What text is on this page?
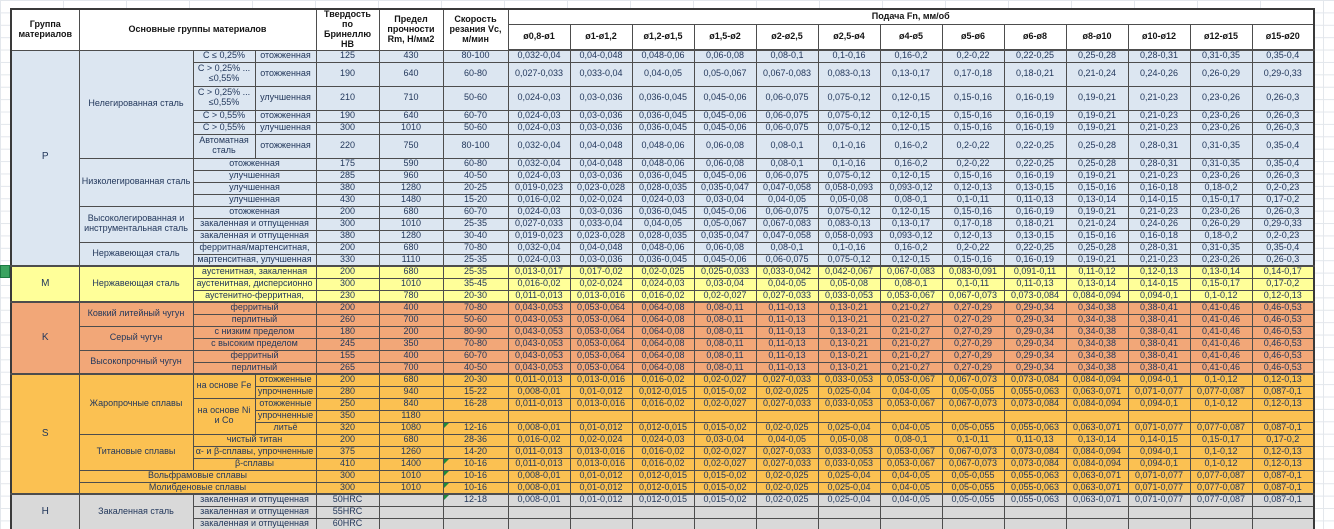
Группа материалов	Основные группы материалов			Твердость по Бринеллю HB	Предел прочности Rm, Н/мм2	Скорость резания Vc, м/мин	Подача Fn, мм/об												
							ø0,8-ø1	ø1-ø1,2	ø1,2-ø1,5	ø1,5-ø2	ø2-ø2,5	ø2,5-ø4	ø4-ø5	ø5-ø6	ø6-ø8	ø8-ø10	ø10-ø12	ø12-ø15	ø15-ø20
P	Нелегированная сталь	C ≤ 0,25%	отожженная	125	430	80-100	0,032-0,04	0,04-0,048	0,048-0,06	0,06-0,08	0,08-0,1	0,1-0,16	0,16-0,2	0,2-0,22	0,22-0,25	0,25-0,28	0,28-0,31	0,31-0,35	0,35-0,4
		C > 0,25% ... ≤0,55%	отожженная	190	640	60-80	0,027-0,033	0,033-0,04	0,04-0,05	0,05-0,067	0,067-0,083	0,083-0,13	0,13-0,17	0,17-0,18	0,18-0,21	0,21-0,24	0,24-0,26	0,26-0,29	0,29-0,33
		C > 0,25% ... ≤0,55%	улучшенная	210	710	50-60	0,024-0,03	0,03-0,036	0,036-0,045	0,045-0,06	0,06-0,075	0,075-0,12	0,12-0,15	0,15-0,16	0,16-0,19	0,19-0,21	0,21-0,23	0,23-0,26	0,26-0,3
		C > 0,55%	отожженная	190	640	60-70	0,024-0,03	0,03-0,036	0,036-0,045	0,045-0,06	0,06-0,075	0,075-0,12	0,12-0,15	0,15-0,16	0,16-0,19	0,19-0,21	0,21-0,23	0,23-0,26	0,26-0,3
		C > 0,55%	улучшенная	300	1010	50-60	0,024-0,03	0,03-0,036	0,036-0,045	0,045-0,06	0,06-0,075	0,075-0,12	0,12-0,15	0,15-0,16	0,16-0,19	0,19-0,21	0,21-0,23	0,23-0,26	0,26-0,3
		Автоматная сталь	отожженная	220	750	80-100	0,032-0,04	0,04-0,048	0,048-0,06	0,06-0,08	0,08-0,1	0,1-0,16	0,16-0,2	0,2-0,22	0,22-0,25	0,25-0,28	0,28-0,31	0,31-0,35	0,35-0,4
	Низколегированная сталь	отожженная		175	590	60-80	0,032-0,04	0,04-0,048	0,048-0,06	0,06-0,08	0,08-0,1	0,1-0,16	0,16-0,2	0,2-0,22	0,22-0,25	0,25-0,28	0,28-0,31	0,31-0,35	0,35-0,4
		улучшенная		285	960	40-50	0,024-0,03	0,03-0,036	0,036-0,045	0,045-0,06	0,06-0,075	0,075-0,12	0,12-0,15	0,15-0,16	0,16-0,19	0,19-0,21	0,21-0,23	0,23-0,26	0,26-0,3
		улучшенная		380	1280	20-25	0,019-0,023	0,023-0,028	0,028-0,035	0,035-0,047	0,047-0,058	0,058-0,093	0,093-0,12	0,12-0,13	0,13-0,15	0,15-0,16	0,16-0,18	0,18-0,2	0,2-0,23
		улучшенная		430	1480	15-20	0,016-0,02	0,02-0,024	0,024-0,03	0,03-0,04	0,04-0,05	0,05-0,08	0,08-0,1	0,1-0,11	0,11-0,13	0,13-0,14	0,14-0,15	0,15-0,17	0,17-0,2
	Высоколегированная и инструментальная сталь	отожженная		200	680	60-70	0,024-0,03	0,03-0,036	0,036-0,045	0,045-0,06	0,06-0,075	0,075-0,12	0,12-0,15	0,15-0,16	0,16-0,19	0,19-0,21	0,21-0,23	0,23-0,26	0,26-0,3
		закаленная и отпущенная		300	1010	25-35	0,027-0,033	0,033-0,04	0,04-0,05	0,05-0,067	0,067-0,083	0,083-0,13	0,13-0,17	0,17-0,18	0,18-0,21	0,21-0,24	0,24-0,26	0,26-0,29	0,29-0,33
		закаленная и отпущенная		380	1280	30-40	0,019-0,023	0,023-0,028	0,028-0,035	0,035-0,047	0,047-0,058	0,058-0,093	0,093-0,12	0,12-0,13	0,13-0,15	0,15-0,16	0,16-0,18	0,18-0,2	0,2-0,23
	Нержавеющая сталь	ферритная/мартенситная,		200	680	70-80	0,032-0,04	0,04-0,048	0,048-0,06	0,06-0,08	0,08-0,1	0,1-0,16	0,16-0,2	0,2-0,22	0,22-0,25	0,25-0,28	0,28-0,31	0,31-0,35	0,35-0,4
		мартенситная, улучшенная		330	1110	25-35	0,024-0,03	0,03-0,036	0,036-0,045	0,045-0,06	0,06-0,075	0,075-0,12	0,12-0,15	0,15-0,16	0,16-0,19	0,19-0,21	0,21-0,23	0,23-0,26	0,26-0,3
M	Нержавеющая сталь	аустенитная, закаленная		200	680	25-35	0,013-0,017	0,017-0,02	0,02-0,025	0,025-0,033	0,033-0,042	0,042-0,067	0,067-0,083	0,083-0,091	0,091-0,11	0,11-0,12	0,12-0,13	0,13-0,14	0,14-0,17
		аустенитная, дисперсионно		300	1010	35-45	0,016-0,02	0,02-0,024	0,024-0,03	0,03-0,04	0,04-0,05	0,05-0,08	0,08-0,1	0,1-0,11	0,11-0,13	0,13-0,14	0,14-0,15	0,15-0,17	0,17-0,2
		аустенитно-ферритная,		230	780	20-30	0,011-0,013	0,013-0,016	0,016-0,02	0,02-0,027	0,027-0,033	0,033-0,053	0,053-0,067	0,067-0,073	0,073-0,084	0,084-0,094	0,094-0,1	0,1-0,12	0,12-0,13
K	Ковкий литейный чугун	ферритный		200	400	70-80	0,043-0,053	0,053-0,064	0,064-0,08	0,08-0,11	0,11-0,13	0,13-0,21	0,21-0,27	0,27-0,29	0,29-0,34	0,34-0,38	0,38-0,41	0,41-0,46	0,46-0,53
		перлитный		260	700	50-60	0,043-0,053	0,053-0,064	0,064-0,08	0,08-0,11	0,11-0,13	0,13-0,21	0,21-0,27	0,27-0,29	0,29-0,34	0,34-0,38	0,38-0,41	0,41-0,46	0,46-0,53
	Серый чугун	с низким пределом		180	200	80-90	0,043-0,053	0,053-0,064	0,064-0,08	0,08-0,11	0,11-0,13	0,13-0,21	0,21-0,27	0,27-0,29	0,29-0,34	0,34-0,38	0,38-0,41	0,41-0,46	0,46-0,53
		с высоким пределом		245	350	70-80	0,043-0,053	0,053-0,064	0,064-0,08	0,08-0,11	0,11-0,13	0,13-0,21	0,21-0,27	0,27-0,29	0,29-0,34	0,34-0,38	0,38-0,41	0,41-0,46	0,46-0,53
	Высокопрочный чугун	ферритный		155	400	60-70	0,043-0,053	0,053-0,064	0,064-0,08	0,08-0,11	0,11-0,13	0,13-0,21	0,21-0,27	0,27-0,29	0,29-0,34	0,34-0,38	0,38-0,41	0,41-0,46	0,46-0,53
		перлитный		265	700	40-50	0,043-0,053	0,053-0,064	0,064-0,08	0,08-0,11	0,11-0,13	0,13-0,21	0,21-0,27	0,27-0,29	0,29-0,34	0,34-0,38	0,38-0,41	0,41-0,46	0,46-0,53
S	Жаропрочные сплавы	на основе Fe	отожженные	200	680	20-30	0,011-0,013	0,013-0,016	0,016-0,02	0,02-0,027	0,027-0,033	0,033-0,053	0,053-0,067	0,067-0,073	0,073-0,084	0,084-0,094	0,094-0,1	0,1-0,12	0,12-0,13
			упрочненные	280	940	15-22	0,008-0,01	0,01-0,012	0,012-0,015	0,015-0,02	0,02-0,025	0,025-0,04	0,04-0,05	0,05-0,055	0,055-0,063	0,063-0,071	0,071-0,077	0,077-0,087	0,087-0,1
		на основе Ni и Со	отожженные	250	840	16-28	0,011-0,013	0,013-0,016	0,016-0,02	0,02-0,027	0,027-0,033	0,033-0,053	0,053-0,067	0,067-0,073	0,073-0,084	0,084-0,094	0,094-0,1	0,1-0,12	0,12-0,13
			упрочненные	350	1180														
			литьё	320	1080	12-16	0,008-0,01	0,01-0,012	0,012-0,015	0,015-0,02	0,02-0,025	0,025-0,04	0,04-0,05	0,05-0,055	0,055-0,063	0,063-0,071	0,071-0,077	0,077-0,087	0,087-0,1
	Титановые сплавы	чистый титан		200	680	28-36	0,016-0,02	0,02-0,024	0,024-0,03	0,03-0,04	0,04-0,05	0,05-0,08	0,08-0,1	0,1-0,11	0,11-0,13	0,13-0,14	0,14-0,15	0,15-0,17	0,17-0,2
		α- и β-сплавы, упрочненные		375	1260	14-20	0,011-0,013	0,013-0,016	0,016-0,02	0,02-0,027	0,027-0,033	0,033-0,053	0,053-0,067	0,067-0,073	0,073-0,084	0,084-0,094	0,094-0,1	0,1-0,12	0,12-0,13
		β-сплавы		410	1400	10-16	0,011-0,013	0,013-0,016	0,016-0,02	0,02-0,027	0,027-0,033	0,033-0,053	0,053-0,067	0,067-0,073	0,073-0,084	0,084-0,094	0,094-0,1	0,1-0,12	0,12-0,13
	Вольфрамовые сплавы			300	1010	10-16	0,008-0,01	0,01-0,012	0,012-0,015	0,015-0,02	0,02-0,025	0,025-0,04	0,04-0,05	0,05-0,055	0,055-0,063	0,063-0,071	0,071-0,077	0,077-0,087	0,087-0,1
	Молибденовые сплавы			300	1010	10-16	0,008-0,01	0,01-0,012	0,012-0,015	0,015-0,02	0,02-0,025	0,025-0,04	0,04-0,05	0,05-0,055	0,055-0,063	0,063-0,071	0,071-0,077	0,077-0,087	0,087-0,1
H	Закаленная сталь	закаленная и отпущенная		50HRC		12-18	0,008-0,01	0,01-0,012	0,012-0,015	0,015-0,02	0,02-0,025	0,025-0,04	0,04-0,05	0,05-0,055	0,055-0,063	0,063-0,071	0,071-0,077	0,077-0,087	0,087-0,1
		закаленная и отпущенная		55HRC															
		закаленная и отпущенная		60HRC															
